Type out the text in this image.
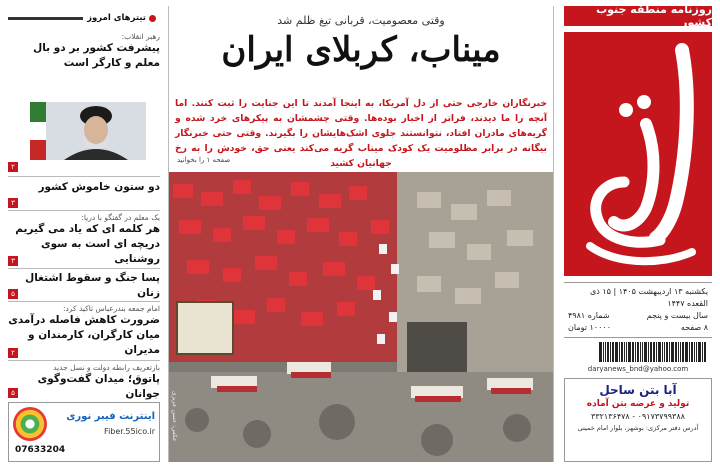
روزنامه منطقه جنوب کشور
یکشنبه ۱۳ اردیبهشت ۱۴۰۵ | ۱۵ ذی القعده ۱۴۴۷
سال بیست و پنجم
شماره ۴۹۸۱
۸ صفحه
۱۰۰۰۰ تومان
daryanews_bnd@yahoo.com
آبا بتن ساحل
تولید و عرضه بتن آماده
۳۳۲۱۳۶۴۷۸ - ۰۹۱۷۳۷۹۹۳۸۸
آدرس دفتر مرکزی: بوشهر، بلوار امام خمینی
وقتی معصومیت، قربانی تیغ ظلم شد
میناب، کربلای ایران
خبرنگاران خارجی حتی از دل آمریکا، به اینجا آمدند تا این جنایت را ثبت کنند. اما آنچه را ما دیدند، فراتر از اخبار بوده‌ها. وقتی چشمشان به پیکرهای خرد شده و گریه‌های مادران افتاد، نتوانستند جلوی اشک‌هایشان را بگیرند. وقتی حتی خبرنگار بیگانه در برابر مظلومیت یک کودک میناب گریه می‌کند یعنی حق، خودش را به رخ جهانیان کشید
صفحه ۱ را بخوانید
عکس: حسن عزیزی
تیترهای امروز
رهبر انقلاب:
پیشرفت کشور بر دو بال معلم و کارگر است
۲
دو ستون خاموش کشور
۳
یک معلم در گفتگو با دریا:
هر کلمه ای که یاد می گیریم دریچه ای است به سوی روشنایی
۳
پسا جنگ و سقوط اشتغال زنان
۵
امام جمعه بندرعباس تاکید کرد:
ضرورت کاهش فاصله درآمدی میان کارگران، کارمندان و مدیران
۲
بازتعریف رابطه دولت و نسل جدید
پاتوق؛ میدان گفت‌وگوی جوانان
۵
اینترنت فیبر نوری
Fiber.55ico.ir
07633204
